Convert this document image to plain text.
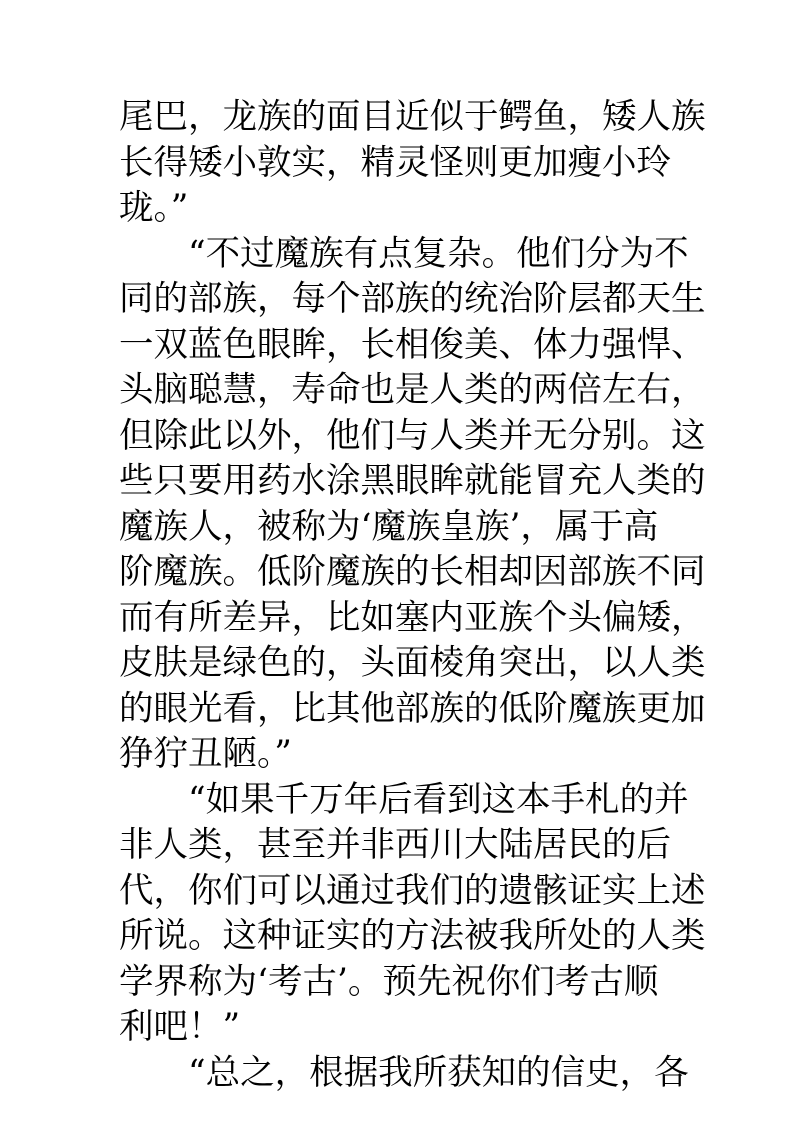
尾巴，龙族的面目近似于鳄鱼，矮人族
长得矮小敦实，精灵怪则更加瘦小玲
珑。”
“不过魔族有点复杂。他们分为不
同的部族，每个部族的统治阶层都天生
一双蓝色眼眸，长相俊美、体力强悍、
头脑聪慧，寿命也是人类的两倍左右，
但除此以外，他们与人类并无分别。这
些只要用药水涂黑眼眸就能冒充人类的
魔族人，被称为‘魔族皇族’，属于高
阶魔族。低阶魔族的长相却因部族不同
而有所差异，比如塞内亚族个头偏矮，
皮肤是绿色的，头面棱角突出，以人类
的眼光看，比其他部族的低阶魔族更加
狰狞丑陋。”
“如果千万年后看到这本手札的并
非人类，甚至并非西川大陆居民的后
代，你们可以通过我们的遗骸证实上述
所说。这种证实的方法被我所处的人类
学界称为‘考古’。预先祝你们考古顺
利吧！”
“总之，根据我所获知的信史，各
